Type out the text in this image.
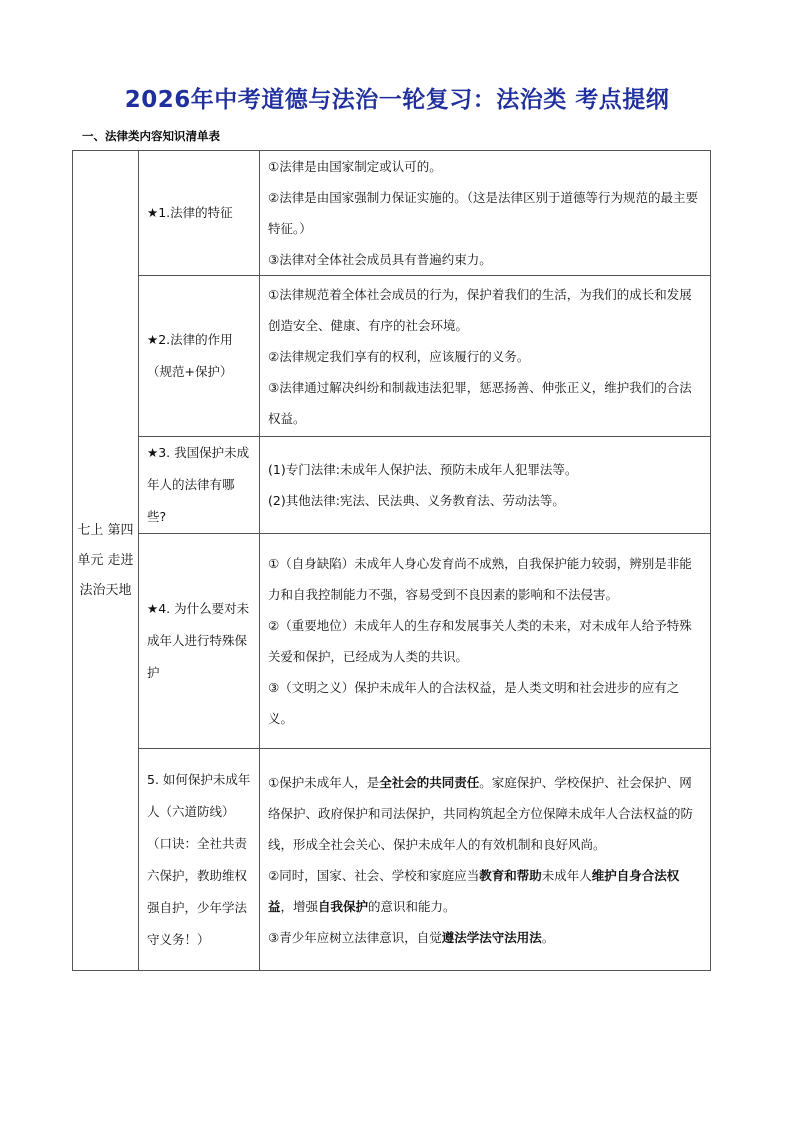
2026年中考道德与法治一轮复习：法治类 考点提纲
一、法律类内容知识清单表
七上 第四单元 走进法治天地	★1.法律的特征	①法律是由国家制定或认可的。

②法律是由国家强制力保证实施的。（这是法律区别于道德等行为规范的最主要特征。）

③法律对全体社会成员具有普遍约束力。

	★2.法律的作用（规范+保护）	①法律规范着全体社会成员的行为，保护着我们的生活，为我们的成长和发展创造安全、健康、有序的社会环境。

②法律规定我们享有的权利，应该履行的义务。

③法律通过解决纠纷和制裁违法犯罪，惩恶扬善、伸张正义，维护我们的合法权益。

	★3. 我国保护未成年人的法律有哪些?	(1)专门法律:未成年人保护法、预防未成年人犯罪法等。

(2)其他法律:宪法、民法典、义务教育法、劳动法等。

	★4. 为什么要对未成年人进行特殊保护	①（自身缺陷）未成年人身心发育尚不成熟，自我保护能力较弱，辨别是非能力和自我控制能力不强，容易受到不良因素的影响和不法侵害。

②（重要地位）未成年人的生存和发展事关人类的未来，对未成年人给予特殊关爱和保护，已经成为人类的共识。

③（文明之义）保护未成年人的合法权益，是人类文明和社会进步的应有之义。

	5. 如何保护未成年人（六道防线）（口诀：全社共责六保护，教助维权强自护，少年学法守义务！）	①保护未成年人，是全社会的共同责任。家庭保护、学校保护、社会保护、网络保护、政府保护和司法保护，共同构筑起全方位保障未成年人合法权益的防线，形成全社会关心、保护未成年人的有效机制和良好风尚。

②同时，国家、社会、学校和家庭应当教育和帮助未成年人维护自身合法权益，增强自我保护的意识和能力。

③青少年应树立法律意识，自觉遵法学法守法用法。
